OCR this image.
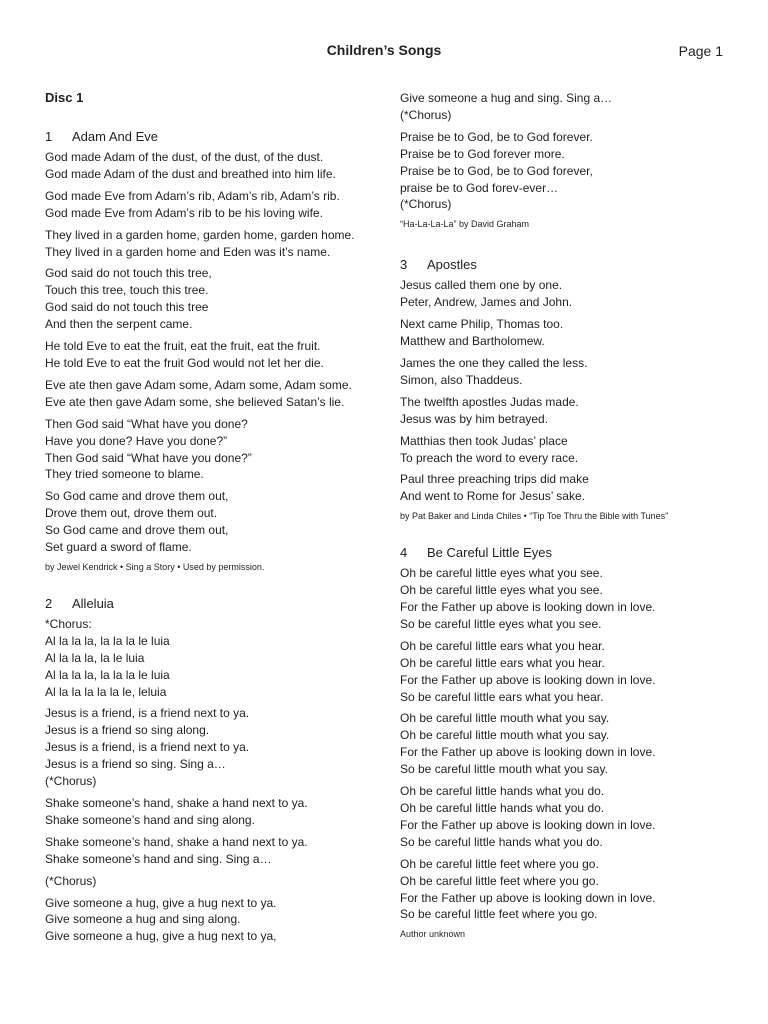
Children’s Songs	Page 1
Disc 1
1	Adam And Eve
God made Adam of the dust, of the dust, of the dust.
God made Adam of the dust and breathed into him life.
God made Eve from Adam’s rib, Adam’s rib, Adam’s rib.
God made Eve from Adam’s rib to be his loving wife.
They lived in a garden home, garden home, garden home.
They lived in a garden home and Eden was it’s name.
God said do not touch this tree,
Touch this tree, touch this tree.
God said do not touch this tree
And then the serpent came.
He told Eve to eat the fruit, eat the fruit, eat the fruit.
He told Eve to eat the fruit God would not let her die.
Eve ate then gave Adam some, Adam some, Adam some.
Eve ate then gave Adam some, she believed Satan’s lie.
Then God said “What have you done?
Have you done? Have you done?”
Then God said “What have you done?”
They tried someone to blame.
So God came and drove them out,
Drove them out, drove them out.
So God came and drove them out,
Set guard a sword of flame.
by Jewel Kendrick • Sing a Story • Used by permission.
2	Alleluia
*Chorus:
Al la la la, la la la le luia
Al la la la, la le luia
Al la la la, la la la le luia
Al la la la la la le, leluia
Jesus is a friend, is a friend next to ya.
Jesus is a friend so sing along.
Jesus is a friend, is a friend next to ya.
Jesus is a friend so sing. Sing a…
(*Chorus)
Shake someone’s hand, shake a hand next to ya.
Shake someone’s hand and sing along.
Shake someone’s hand, shake a hand next to ya.
Shake someone’s hand and sing. Sing a…
(*Chorus)
Give someone a hug, give a hug next to ya.
Give someone a hug and sing along.
Give someone a hug, give a hug next to ya,
Give someone a hug and sing. Sing a…
(*Chorus)
Praise be to God, be to God forever.
Praise be to God forever more.
Praise be to God, be to God forever,
praise be to God forev-ever…
(*Chorus)
“Ha-La-La-La” by David Graham
3	Apostles
Jesus called them one by one.
Peter, Andrew, James and John.
Next came Philip, Thomas too.
Matthew and Bartholomew.
James the one they called the less.
Simon, also Thaddeus.
The twelfth apostles Judas made.
Jesus was by him betrayed.
Matthias then took Judas’ place
To preach the word to every race.
Paul three preaching trips did make
And went to Rome for Jesus’ sake.
by Pat Baker and Linda Chiles • “Tip Toe Thru the Bible with Tunes”
4	Be Careful Little Eyes
Oh be careful little eyes what you see.
Oh be careful little eyes what you see.
For the Father up above is looking down in love.
So be careful little eyes what you see.
Oh be careful little ears what you hear.
Oh be careful little ears what you hear.
For the Father up above is looking down in love.
So be careful little ears what you hear.
Oh be careful little mouth what you say.
Oh be careful little mouth what you say.
For the Father up above is looking down in love.
So be careful little mouth what you say.
Oh be careful little hands what you do.
Oh be careful little hands what you do.
For the Father up above is looking down in love.
So be careful little hands what you do.
Oh be careful little feet where you go.
Oh be careful little feet where you go.
For the Father up above is looking down in love.
So be careful little feet where you go.
Author unknown
